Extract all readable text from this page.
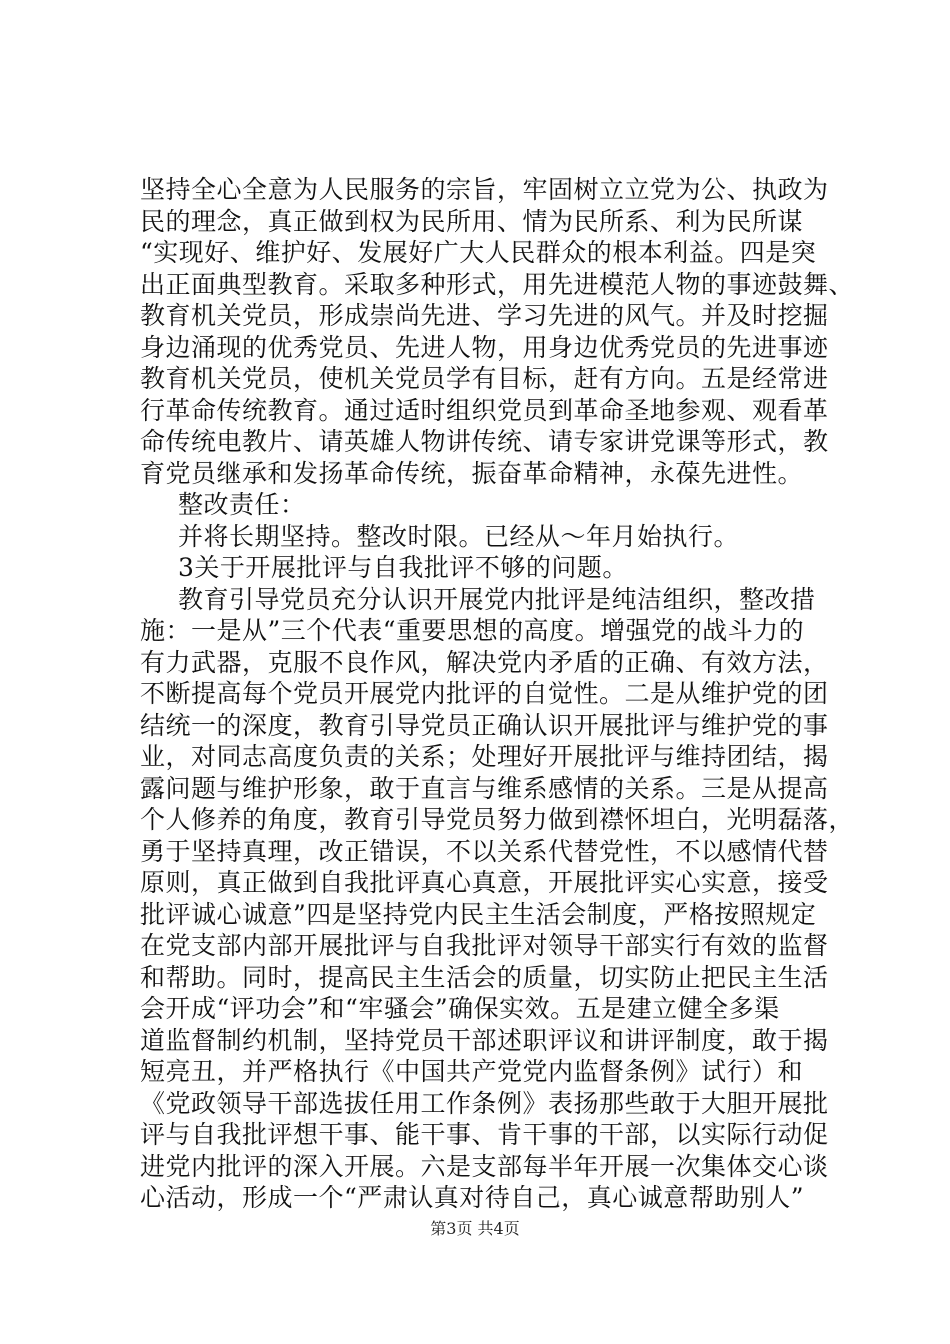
坚持全心全意为人民服务的宗旨，牢固树立立党为公、执政为
民的理念，真正做到权为民所用、情为民所系、利为民所谋
“实现好、维护好、发展好广大人民群众的根本利益。四是突
出正面典型教育。采取多种形式，用先进模范人物的事迹鼓舞、
教育机关党员，形成崇尚先进、学习先进的风气。并及时挖掘
身边涌现的优秀党员、先进人物，用身边优秀党员的先进事迹
教育机关党员，使机关党员学有目标，赶有方向。五是经常进
行革命传统教育。通过适时组织党员到革命圣地参观、观看革
命传统电教片、请英雄人物讲传统、请专家讲党课等形式，教
育党员继承和发扬革命传统，振奋革命精神，永葆先进性。
整改责任：
并将长期坚持。整改时限。已经从～年月始执行。
3关于开展批评与自我批评不够的问题。
教育引导党员充分认识开展党内批评是纯洁组织，整改措
施：一是从”三个代表“重要思想的高度。增强党的战斗力的
有力武器，克服不良作风，解决党内矛盾的正确、有效方法，
不断提高每个党员开展党内批评的自觉性。二是从维护党的团
结统一的深度，教育引导党员正确认识开展批评与维护党的事
业，对同志高度负责的关系；处理好开展批评与维持团结，揭
露问题与维护形象，敢于直言与维系感情的关系。三是从提高
个人修养的角度，教育引导党员努力做到襟怀坦白，光明磊落，
勇于坚持真理，改正错误，不以关系代替党性，不以感情代替
原则，真正做到自我批评真心真意，开展批评实心实意，接受
批评诚心诚意”四是坚持党内民主生活会制度，严格按照规定
在党支部内部开展批评与自我批评对领导干部实行有效的监督
和帮助。同时，提高民主生活会的质量，切实防止把民主生活
会开成“评功会”和“牢骚会”确保实效。五是建立健全多渠
道监督制约机制，坚持党员干部述职评议和讲评制度，敢于揭
短亮丑，并严格执行《中国共产党党内监督条例》试行）和
《党政领导干部选拔任用工作条例》表扬那些敢于大胆开展批
评与自我批评想干事、能干事、肯干事的干部，以实际行动促
进党内批评的深入开展。六是支部每半年开展一次集体交心谈
心活动，形成一个“严肃认真对待自己，真心诚意帮助别人”
第3页 共4页
